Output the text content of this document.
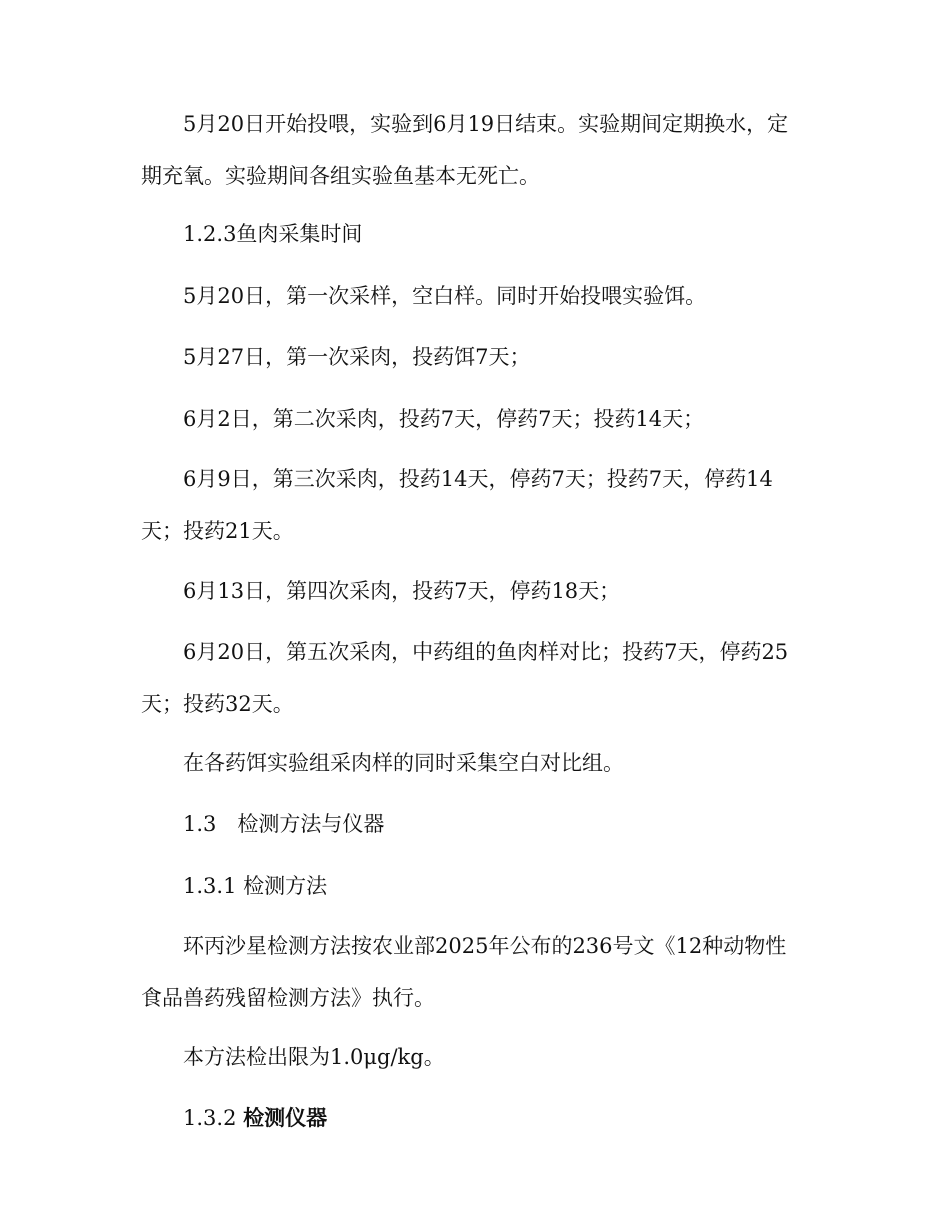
5月20日开始投喂，实验到6月19日结束。实验期间定期换水，定期充氧。实验期间各组实验鱼基本无死亡。

1.2.3鱼肉采集时间

5月20日，第一次采样，空白样。同时开始投喂实验饵。

5月27日，第一次采肉，投药饵7天；

6月2日，第二次采肉，投药7天，停药7天；投药14天；

6月9日，第三次采肉，投药14天，停药7天；投药7天，停药14天；投药21天。

6月13日，第四次采肉，投药7天，停药18天；

6月20日，第五次采肉，中药组的鱼肉样对比；投药7天，停药25天；投药32天。

在各药饵实验组采肉样的同时采集空白对比组。

1.3　检测方法与仪器

1.3.1 检测方法

环丙沙星检测方法按农业部2025年公布的236号文《12种动物性食品兽药残留检测方法》执行。

本方法检出限为1.0μg/kg。

1.3.2 检测仪器
